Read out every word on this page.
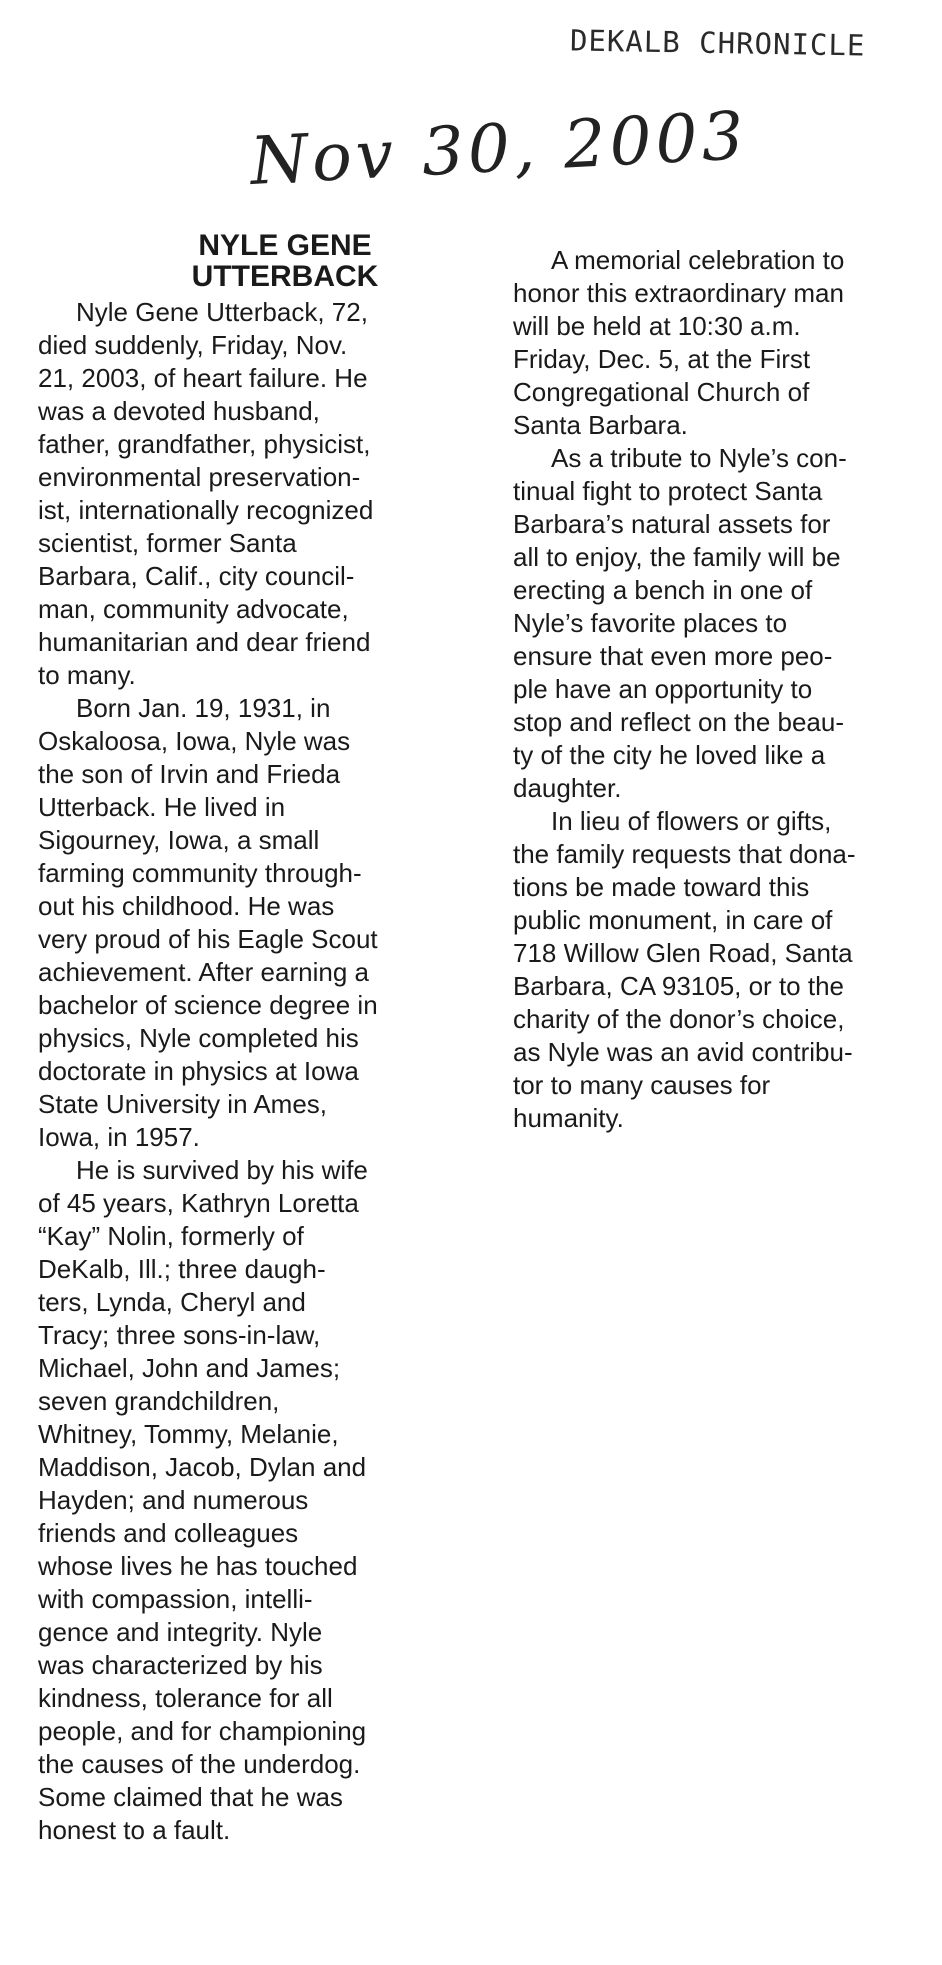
DEKALB CHRONICLE
Nov 30, 2003
NYLE GENE
UTTERBACK

Nyle Gene Utterback, 72,
died suddenly, Friday, Nov.
21, 2003, of heart failure. He
was a devoted husband,
father, grandfather, physicist,
environmental preservation-
ist, internationally recognized
scientist, former Santa
Barbara, Calif., city council-
man, community advocate,
humanitarian and dear friend
to many.

Born Jan. 19, 1931, in
Oskaloosa, Iowa, Nyle was
the son of Irvin and Frieda
Utterback. He lived in
Sigourney, Iowa, a small
farming community through-
out his childhood. He was
very proud of his Eagle Scout
achievement. After earning a
bachelor of science degree in
physics, Nyle completed his
doctorate in physics at Iowa
State University in Ames,
Iowa, in 1957.

He is survived by his wife
of 45 years, Kathryn Loretta
“Kay” Nolin, formerly of
DeKalb, Ill.; three daugh-
ters, Lynda, Cheryl and
Tracy; three sons-in-law,
Michael, John and James;
seven grandchildren,
Whitney, Tommy, Melanie,
Maddison, Jacob, Dylan and
Hayden; and numerous
friends and colleagues
whose lives he has touched
with compassion, intelli-
gence and integrity. Nyle
was characterized by his
kindness, tolerance for all
people, and for championing
the causes of the underdog.
Some claimed that he was
honest to a fault.

A memorial celebration to
honor this extraordinary man
will be held at 10:30 a.m.
Friday, Dec. 5, at the First
Congregational Church of
Santa Barbara.

As a tribute to Nyle’s con-
tinual fight to protect Santa
Barbara’s natural assets for
all to enjoy, the family will be
erecting a bench in one of
Nyle’s favorite places to
ensure that even more peo-
ple have an opportunity to
stop and reflect on the beau-
ty of the city he loved like a
daughter.

In lieu of flowers or gifts,
the family requests that dona-
tions be made toward this
public monument, in care of
718 Willow Glen Road, Santa
Barbara, CA 93105, or to the
charity of the donor’s choice,
as Nyle was an avid contribu-
tor to many causes for
humanity.
